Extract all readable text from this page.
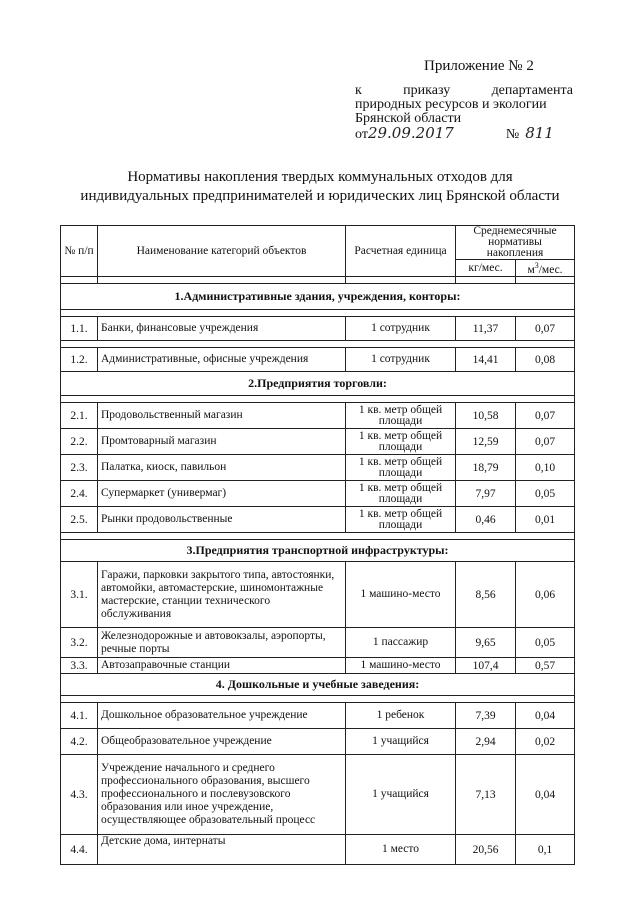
Приложение № 2
к	приказу	департамента
природных ресурсов и экологии
Брянской области
от 29.09.2017	№ 811
Нормативы накопления твердых коммунальных отходов для
индивидуальных предпринимателей и юридических лиц Брянской области
№ п/п	Наименование категорий объектов	Расчетная единица	Среднемесячные нормативы накопления	
			кг/мес.	$м^3$/мес.

1.Административные здания, учреждения, конторы:				

1.1.	Банки, финансовые учреждения	1 сотрудник	11,37	0,07

1.2.	Административные, офисные учреждения	1 сотрудник	14,41	0,08
2.Предприятия торговли:				

2.1.	Продовольственный магазин	1 кв. метр общей площади	10,58	0,07
2.2.	Промтоварный магазин	1 кв. метр общей площади	12,59	0,07
2.3.	Палатка, киоск, павильон	1 кв. метр общей площади	18,79	0,10
2.4.	Супермаркет (универмаг)	1 кв. метр общей площади	7,97	0,05
2.5.	Рынки продовольственные	1 кв. метр общей площади	0,46	0,01

3.Предприятия транспортной инфраструктуры:				
3.1.	Гаражи, парковки закрытого типа, автостоянки, автомойки, автомастерские, шиномонтажные мастерские, станции технического обслуживания	1 машино-место	8,56	0,06
3.2.	Железнодорожные и автовокзалы, аэропорты, речные порты	1 пассажир	9,65	0,05
3.3.	Автозаправочные станции	1 машино-место	107,4	0,57
4. Дошкольные и учебные заведения:				

4.1.	Дошкольное образовательное учреждение	1 ребенок	7,39	0,04
4.2.	Общеобразовательное учреждение	1 учащийся	2,94	0,02
4.3.	Учреждение начального и среднего профессионального образования, высшего профессионального и послевузовского образования или иное учреждение, осуществляющее образовательный процесс	1 учащийся	7,13	0,04
4.4.	Детские дома, интернаты	1 место	20,56	0,1
